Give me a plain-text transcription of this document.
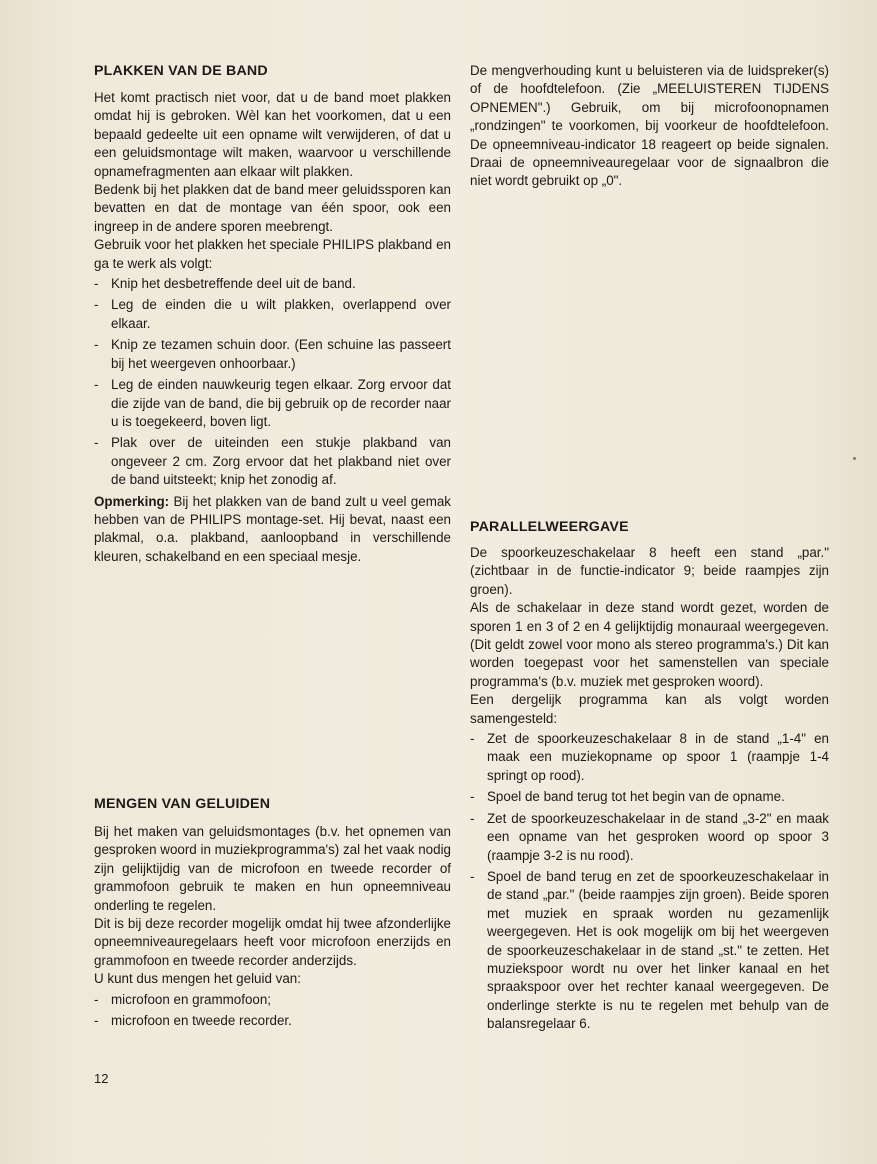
PLAKKEN VAN DE BAND

Het komt practisch niet voor, dat u de band moet plakken omdat hij is gebroken. Wèl kan het voorkomen, dat u een bepaald gedeelte uit een opname wilt verwijderen, of dat u een geluidsmontage wilt maken, waarvoor u verschillende opnamefragmenten aan elkaar wilt plakken.

Bedenk bij het plakken dat de band meer geluidssporen kan bevatten en dat de montage van één spoor, ook een ingreep in de andere sporen meebrengt.

Gebruik voor het plakken het speciale PHILIPS plakband en ga te werk als volgt:

- Knip het desbetreffende deel uit de band.
- Leg de einden die u wilt plakken, overlappend over elkaar.
- Knip ze tezamen schuin door. (Een schuine las passeert bij het weergeven onhoorbaar.)
- Leg de einden nauwkeurig tegen elkaar. Zorg ervoor dat die zijde van de band, die bij gebruik op de recorder naar u is toegekeerd, boven ligt.
- Plak over de uiteinden een stukje plakband van ongeveer 2 cm. Zorg ervoor dat het plakband niet over de band uitsteekt; knip het zonodig af.

Opmerking: Bij het plakken van de band zult u veel gemak hebben van de PHILIPS montage-set. Hij bevat, naast een plakmal, o.a. plakband, aanloopband in verschillende kleuren, schakelband en een speciaal mesje.

MENGEN VAN GELUIDEN

Bij het maken van geluidsmontages (b.v. het opnemen van gesproken woord in muziekprogramma's) zal het vaak nodig zijn gelijktijdig van de microfoon en tweede recorder of grammofoon gebruik te maken en hun opneemniveau onderling te regelen.

Dit is bij deze recorder mogelijk omdat hij twee afzonderlijke opneemniveauregelaars heeft voor microfoon enerzijds en grammofoon en tweede recorder anderzijds.

U kunt dus mengen het geluid van:

- microfoon en grammofoon;
- microfoon en tweede recorder.

De mengverhouding kunt u beluisteren via de luidspreker(s) of de hoofdtelefoon. (Zie „MEELUISTEREN TIJDENS OPNEMEN".) Gebruik, om bij microfoonopnamen „rondzingen" te voorkomen, bij voorkeur de hoofdtelefoon. De opneemniveau-indicator 18 reageert op beide signalen. Draai de opneemniveauregelaar voor de signaalbron die niet wordt gebruikt op „0".

PARALLELWEERGAVE

De spoorkeuzeschakelaar 8 heeft een stand „par." (zichtbaar in de functie-indicator 9; beide raampjes zijn groen).

Als de schakelaar in deze stand wordt gezet, worden de sporen 1 en 3 of 2 en 4 gelijktijdig monauraal weergegeven. (Dit geldt zowel voor mono als stereo programma's.) Dit kan worden toegepast voor het samenstellen van speciale programma's (b.v. muziek met gesproken woord).

Een dergelijk programma kan als volgt worden samengesteld:

- Zet de spoorkeuzeschakelaar 8 in de stand „1-4" en maak een muziekopname op spoor 1 (raampje 1-4 springt op rood).
- Spoel de band terug tot het begin van de opname.
- Zet de spoorkeuzeschakelaar in de stand „3-2" en maak een opname van het gesproken woord op spoor 3 (raampje 3-2 is nu rood).
- Spoel de band terug en zet de spoorkeuzeschakelaar in de stand „par." (beide raampjes zijn groen). Beide sporen met muziek en spraak worden nu gezamenlijk weergegeven. Het is ook mogelijk om bij het weergeven de spoorkeuzeschakelaar in de stand „st." te zetten. Het muziekspoor wordt nu over het linker kanaal en het spraakspoor over het rechter kanaal weergegeven. De onderlinge sterkte is nu te regelen met behulp van de balansregelaar 6.
12
